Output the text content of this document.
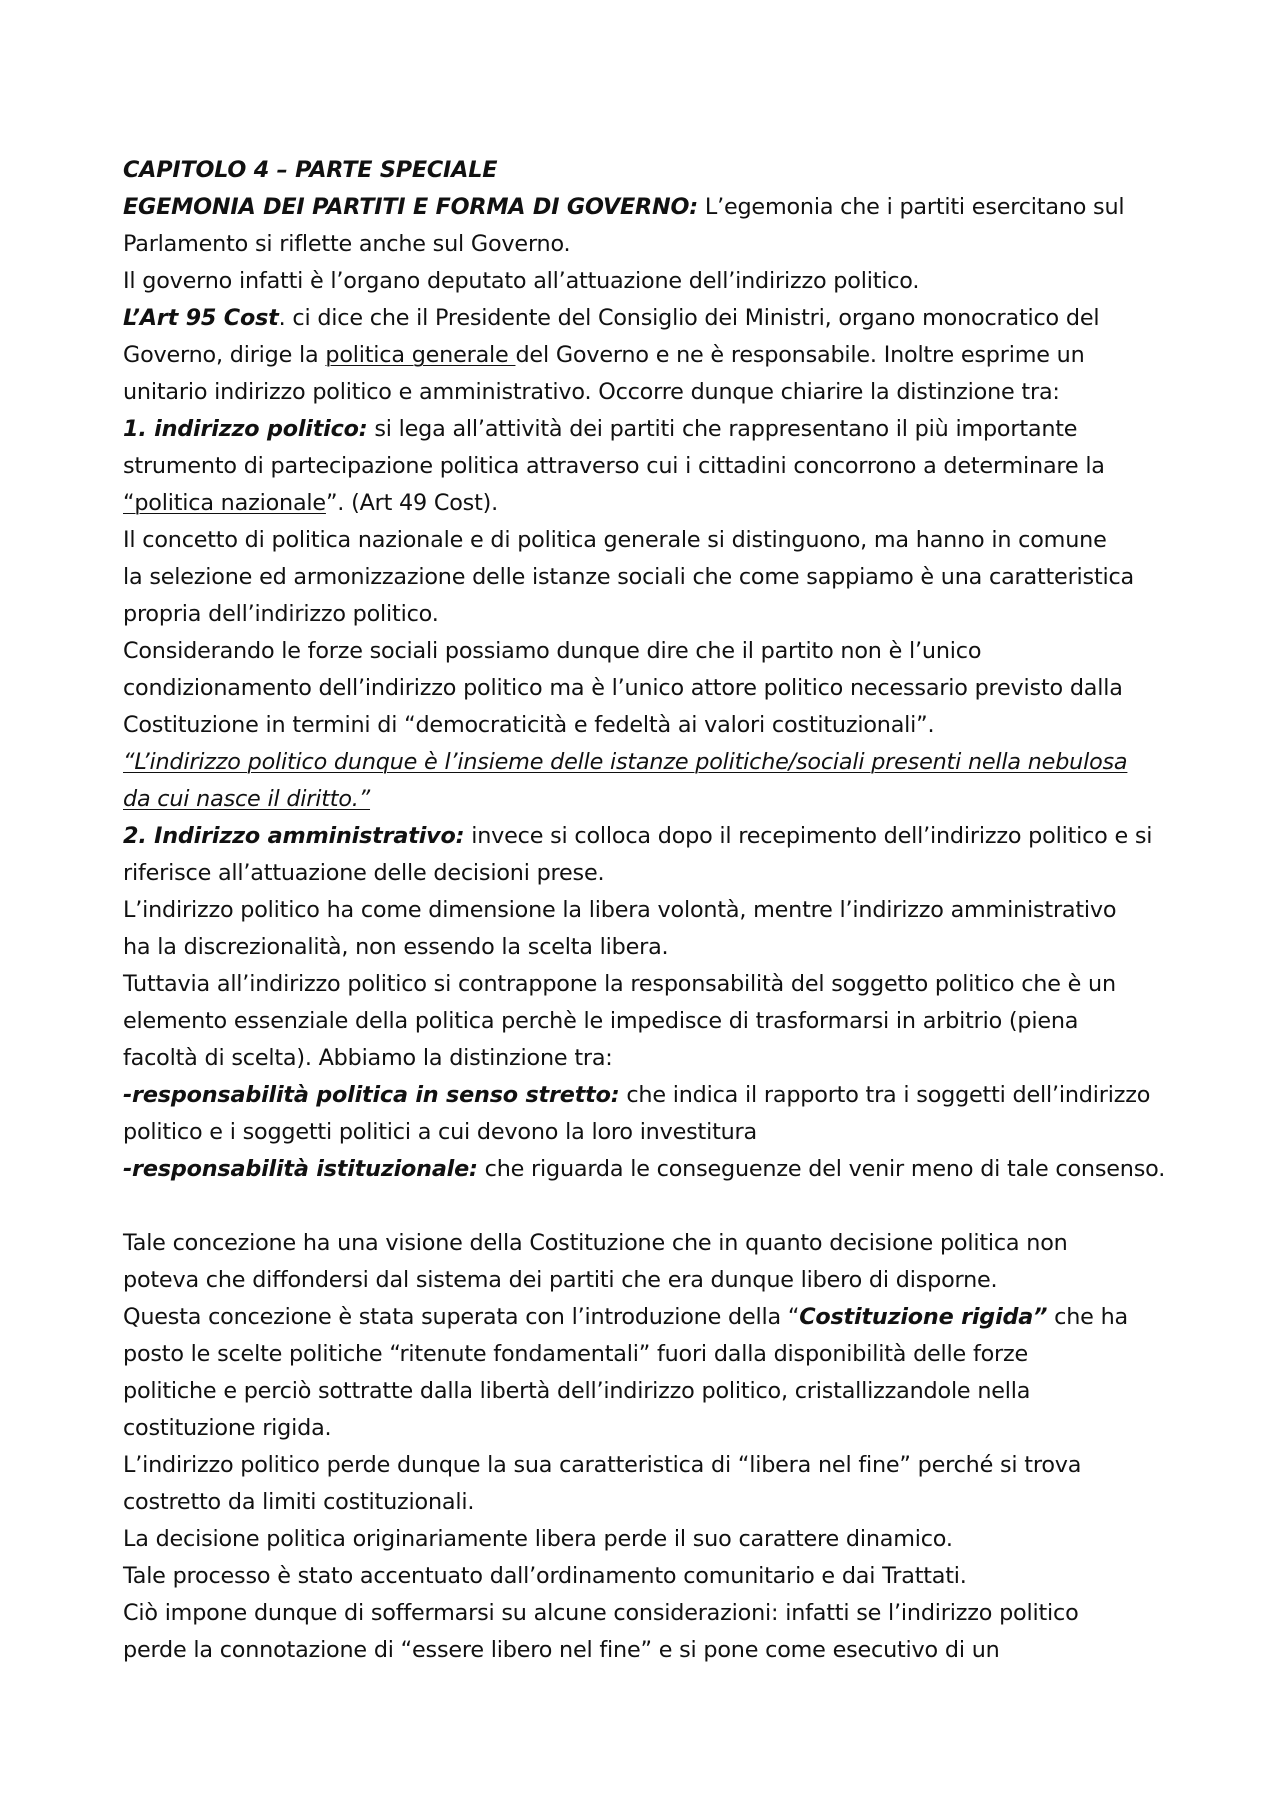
CAPITOLO 4 – PARTE SPECIALE
EGEMONIA DEI PARTITI E FORMA DI GOVERNO: L’egemonia che i partiti esercitano sul
Parlamento si riflette anche sul Governo.
Il governo infatti è l’organo deputato all’attuazione dell’indirizzo politico.
L’Art 95 Cost. ci dice che il Presidente del Consiglio dei Ministri, organo monocratico del
Governo, dirige la politica generale del Governo e ne è responsabile. Inoltre esprime un
unitario indirizzo politico e amministrativo. Occorre dunque chiarire la distinzione tra:
1. indirizzo politico: si lega all’attività dei partiti che rappresentano il più importante
strumento di partecipazione politica attraverso cui i cittadini concorrono a determinare la
“politica nazionale”. (Art 49 Cost).
Il concetto di politica nazionale e di politica generale si distinguono, ma hanno in comune
la selezione ed armonizzazione delle istanze sociali che come sappiamo è una caratteristica
propria dell’indirizzo politico.
Considerando le forze sociali possiamo dunque dire che il partito non è l’unico
condizionamento dell’indirizzo politico ma è l’unico attore politico necessario previsto dalla
Costituzione in termini di “democraticità e fedeltà ai valori costituzionali”.
“L’indirizzo politico dunque è l’insieme delle istanze politiche/sociali presenti nella nebulosa
da cui nasce il diritto.”
2. Indirizzo amministrativo: invece si colloca dopo il recepimento dell’indirizzo politico e si
riferisce all’attuazione delle decisioni prese.
L’indirizzo politico ha come dimensione la libera volontà, mentre l’indirizzo amministrativo
ha la discrezionalità, non essendo la scelta libera.
Tuttavia all’indirizzo politico si contrappone la responsabilità del soggetto politico che è un
elemento essenziale della politica perchè le impedisce di trasformarsi in arbitrio (piena
facoltà di scelta). Abbiamo la distinzione tra:
-responsabilità politica in senso stretto: che indica il rapporto tra i soggetti dell’indirizzo
politico e i soggetti politici a cui devono la loro investitura
-responsabilità istituzionale: che riguarda le conseguenze del venir meno di tale consenso.
Tale concezione ha una visione della Costituzione che in quanto decisione politica non
poteva che diffondersi dal sistema dei partiti che era dunque libero di disporne.
Questa concezione è stata superata con l’introduzione della “Costituzione rigida” che ha
posto le scelte politiche “ritenute fondamentali” fuori dalla disponibilità delle forze
politiche e perciò sottratte dalla libertà dell’indirizzo politico, cristallizzandole nella
costituzione rigida.
L’indirizzo politico perde dunque la sua caratteristica di “libera nel fine” perché si trova
costretto da limiti costituzionali.
La decisione politica originariamente libera perde il suo carattere dinamico.
Tale processo è stato accentuato dall’ordinamento comunitario e dai Trattati.
Ciò impone dunque di soffermarsi su alcune considerazioni: infatti se l’indirizzo politico
perde la connotazione di “essere libero nel fine” e si pone come esecutivo di un
